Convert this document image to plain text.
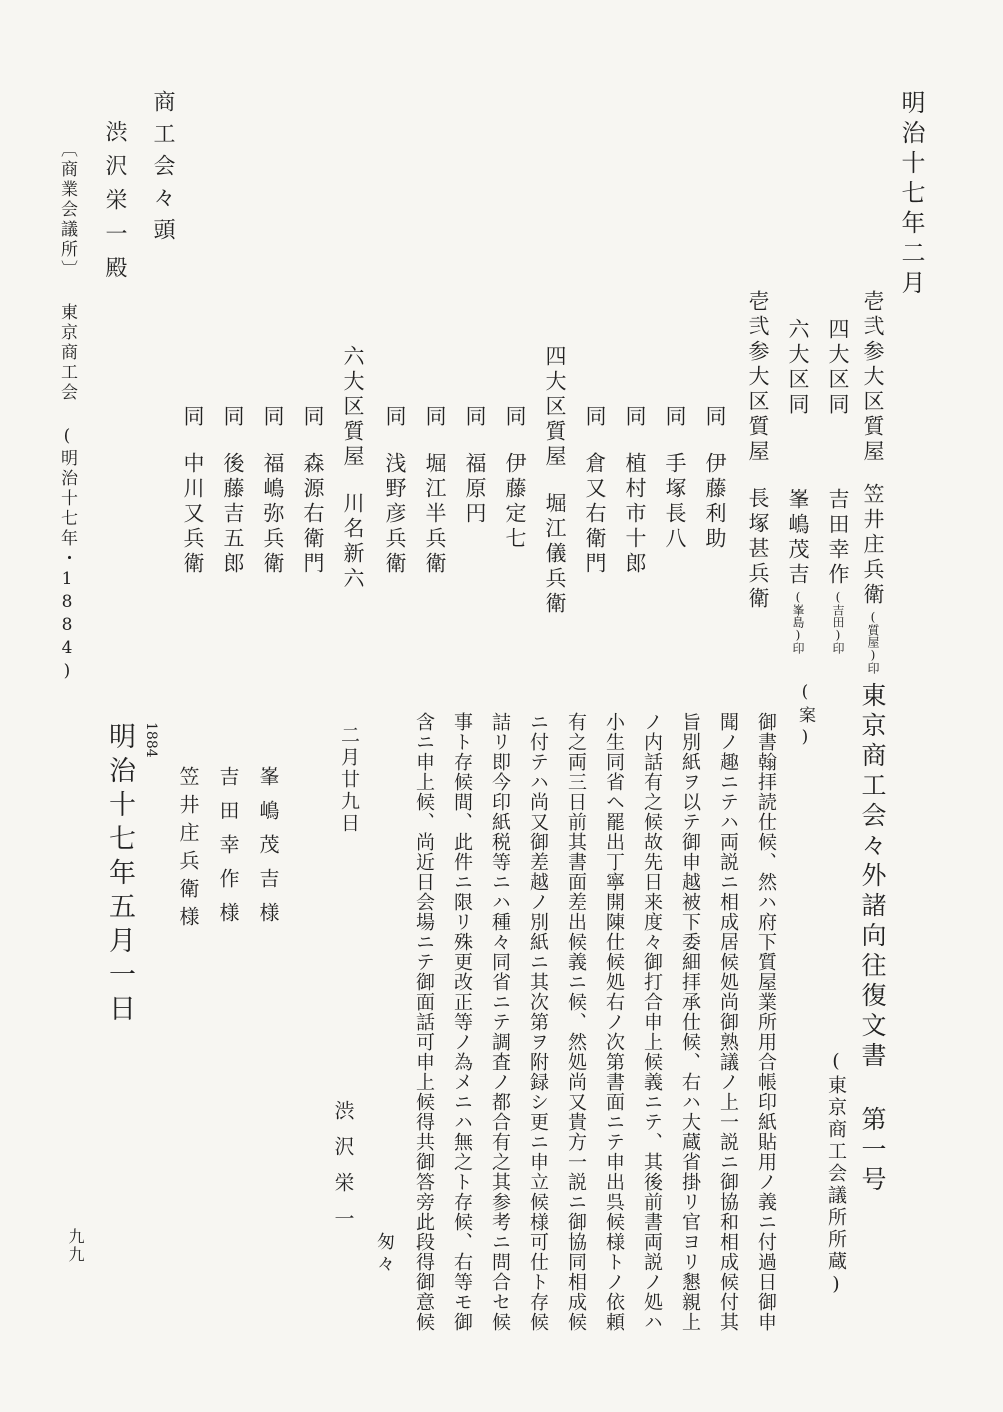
明治十七年二月
壱弐参大区質屋笠井庄兵衛(質屋)印
四大区同吉田幸作(吉田)印
六大区同峯嶋茂吉(峯島)印
壱弐参大区質屋長塚甚兵衛
同伊藤利助
同手塚長八
同植村市十郎
同倉又右衛門
四大区質屋堀江儀兵衛
同伊藤定七
同福原円
同堀江半兵衛
同浅野彦兵衛
六大区質屋川名新六
同森源右衛門
同福嶋弥兵衛
同後藤吉五郎
同中川又兵衛
商工会々頭
渋沢栄一殿
〔商業会議所〕 東京商工会 (明治十七年・1884)
東京商工会々外諸向往復文書 第一号
(東京商工会議所所蔵)
(案)
御書翰拝読仕候、然ハ府下質屋業所用合帳印紙貼用ノ義ニ付過日御申
聞ノ趣ニテハ両説ニ相成居候処尚御熟議ノ上一説ニ御協和相成候付其
旨別紙ヲ以テ御申越被下委細拝承仕候、右ハ大蔵省掛リ官ヨリ懇親上
ノ内話有之候故先日来度々御打合申上候義ニテ、其後前書両説ノ処ハ
小生同省ヘ罷出丁寧開陳仕候処右ノ次第書面ニテ申出呉候様トノ依頼
有之両三日前其書面差出候義ニ候、然処尚又貴方一説ニ御協同相成候
ニ付テハ尚又御差越ノ別紙ニ其次第ヲ附録シ更ニ申立候様可仕ト存候
詰リ即今印紙税等ニハ種々同省ニテ調査ノ都合有之其参考ニ問合セ候
事ト存候間、此件ニ限リ殊更改正等ノ為メニハ無之ト存候、右等モ御
含ニ申上候、尚近日会場ニテ御面話可申上候得共御答旁此段得御意候
匆々
渋沢栄一
二月廿九日
峯嶋茂吉様
吉田幸作様
笠井庄兵衛様
1884
明治十七年五月一日
九九
